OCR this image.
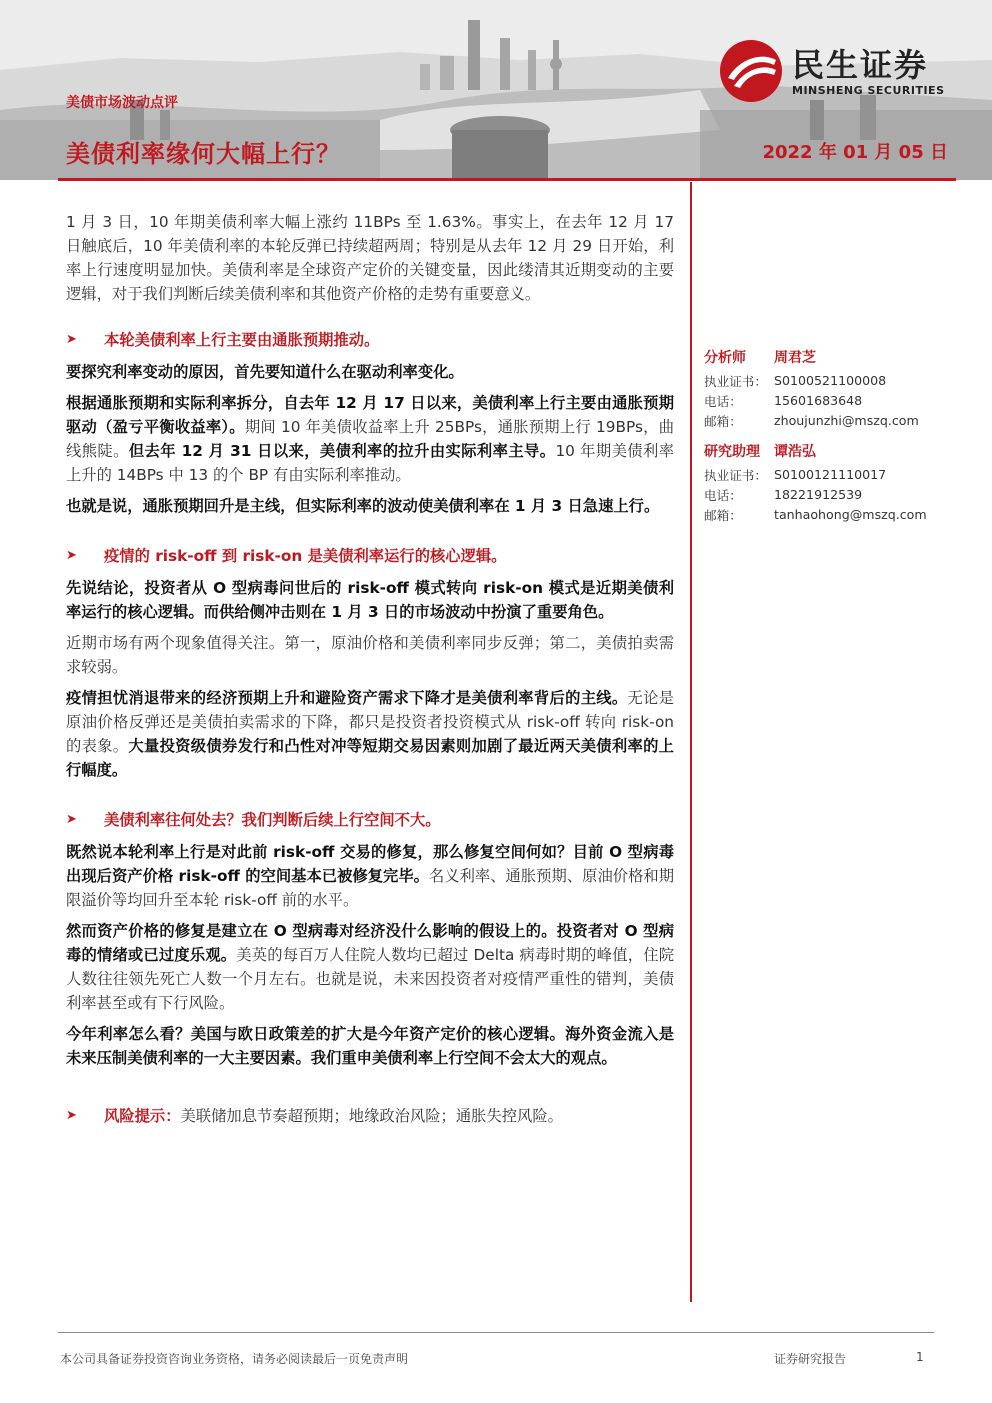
民生证券
MINSHENG SECURITIES
美债市场波动点评
美债利率缘何大幅上行？	2022 年 01 月 05 日

1 月 3 日，10 年期美债利率大幅上涨约 11BPs 至 1.63%。事实上，在去年 12 月 17 日触底后，10 年美债利率的本轮反弹已持续超两周；特别是从去年 12 月 29 日开始，利率上行速度明显加快。美债利率是全球资产定价的关键变量，因此缕清其近期变动的主要逻辑，对于我们判断后续美债利率和其他资产价格的走势有重要意义。

➤	本轮美债利率上行主要由通胀预期推动。

要探究利率变动的原因，首先要知道什么在驱动利率变化。

根据通胀预期和实际利率拆分，自去年 12 月 17 日以来，美债利率上行主要由通胀预期驱动（盈亏平衡收益率）。期间 10 年美债收益率上升 25BPs，通胀预期上行 19BPs，曲线熊陡。但去年 12 月 31 日以来，美债利率的拉升由实际利率主导。10 年期美债利率上升的 14BPs 中 13 的个 BP 有由实际利率推动。

也就是说，通胀预期回升是主线，但实际利率的波动使美债利率在 1 月 3 日急速上行。

➤	疫情的 risk-off 到 risk-on 是美债利率运行的核心逻辑。

先说结论，投资者从 O 型病毒问世后的 risk-off 模式转向 risk-on 模式是近期美债利率运行的核心逻辑。而供给侧冲击则在 1 月 3 日的市场波动中扮演了重要角色。

近期市场有两个现象值得关注。第一，原油价格和美债利率同步反弹；第二，美债拍卖需求较弱。

疫情担忧消退带来的经济预期上升和避险资产需求下降才是美债利率背后的主线。无论是原油价格反弹还是美债拍卖需求的下降，都只是投资者投资模式从 risk-off 转向 risk-on 的表象。大量投资级债券发行和凸性对冲等短期交易因素则加剧了最近两天美债利率的上行幅度。

➤	美债利率往何处去？我们判断后续上行空间不大。

既然说本轮利率上行是对此前 risk-off 交易的修复，那么修复空间何如？目前 O 型病毒出现后资产价格 risk-off 的空间基本已被修复完毕。名义利率、通胀预期、原油价格和期限溢价等均回升至本轮 risk-off 前的水平。

然而资产价格的修复是建立在 O 型病毒对经济没什么影响的假设上的。投资者对 O 型病毒的情绪或已过度乐观。美英的每百万人住院人数均已超过 Delta 病毒时期的峰值，住院人数往往领先死亡人数一个月左右。也就是说，未来因投资者对疫情严重性的错判，美债利率甚至或有下行风险。

今年利率怎么看？美国与欧日政策差的扩大是今年资产定价的核心逻辑。海外资金流入是未来压制美债利率的一大主要因素。我们重申美债利率上行空间不会太大的观点。

➤	风险提示： 美联储加息节奏超预期；地缘政治风险；通胀失控风险。
分析师	周君芝
执业证书： S0100521100008
电话：	15601683648
邮箱：	zhoujunzhi@mszq.com
研究助理	谭浩弘
执业证书： S0100121110017
电话：	18221912539
邮箱：	tanhaohong@mszq.com
本公司具备证券投资咨询业务资格，请务必阅读最后一页免责声明	证券研究报告	1
